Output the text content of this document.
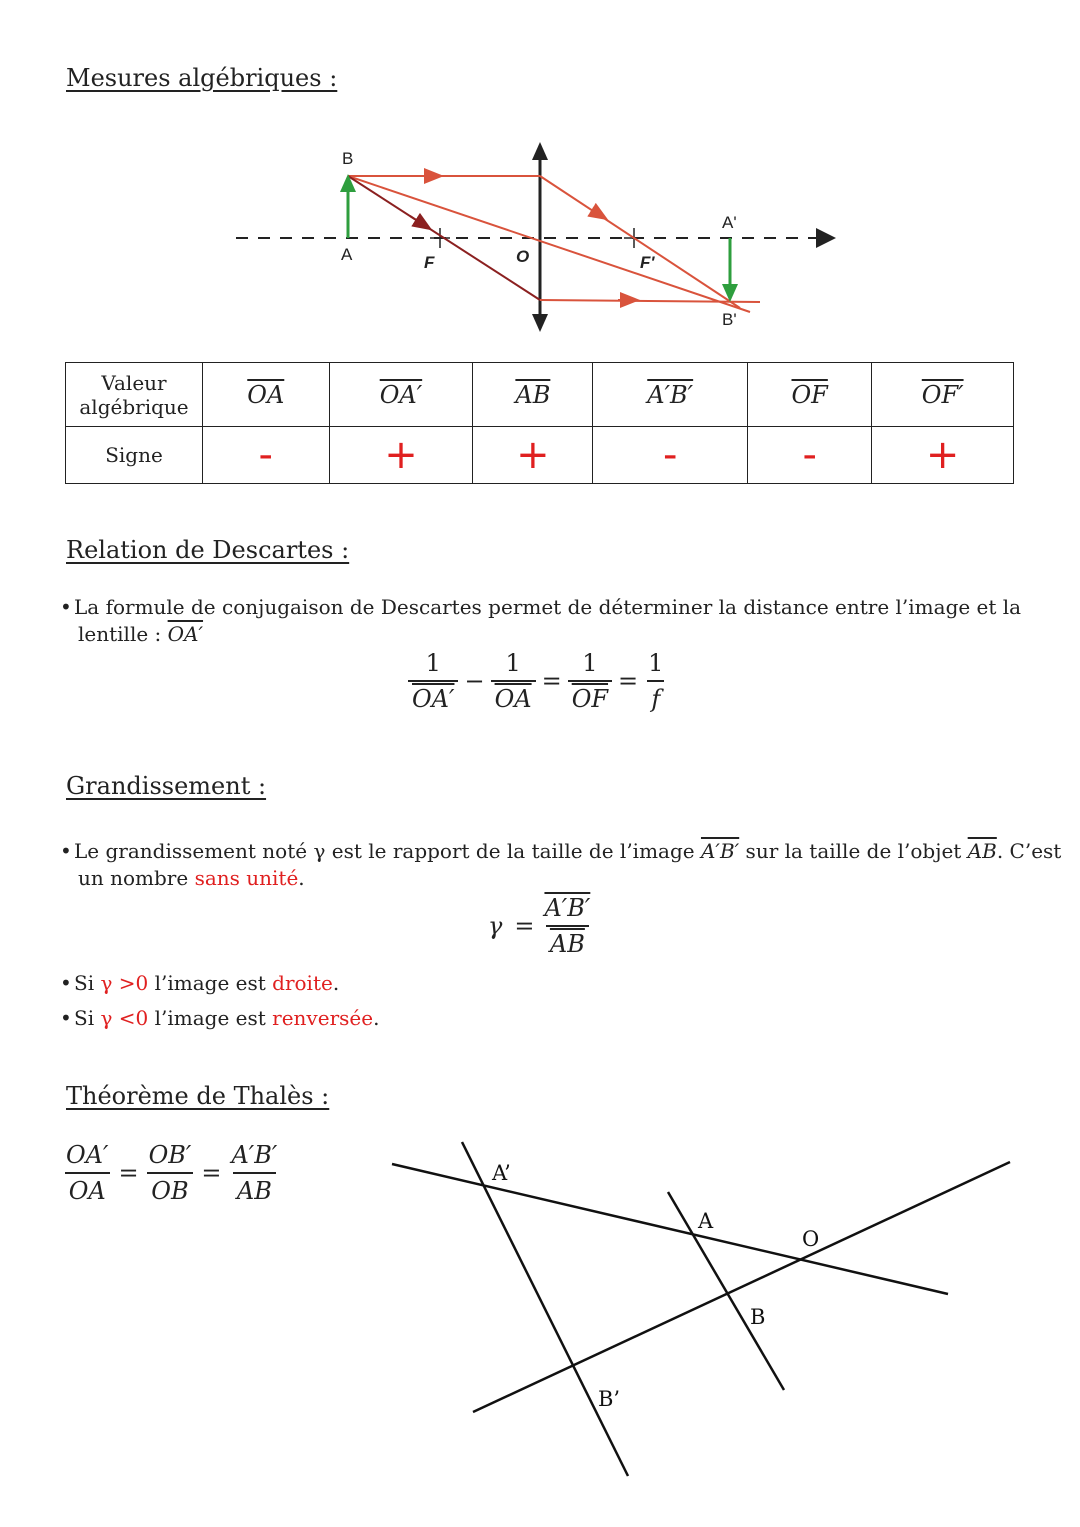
Mesures algébriques :
B
A	F	O	F'
A'
B'
Valeur
algébrique	$\overline{OA}$	OA′	$\overline{AB}$	A′B′	$\overline{OF}$	OF′
Signe	-	+	+	-	-	+
Relation de Descartes :
• La formule de conjugaison de Descartes permet de déterminer la distance entre l’image et la
lentille : OA′
$\frac{1}{OA'} - \frac{1}{OA} = \frac{1}{OF} = \frac{1}{f}$
Grandissement :
• Le grandissement noté γ est le rapport de la taille de l’image A′B′ sur la taille de l’objet $\overline{AB}$. C’est
un nombre sans unité.
$\gamma = \frac{A'B'}{AB}$
• Si γ >0 l’image est droite.
• Si γ <0 l’image est renversée.
Théorème de Thalès :
$\frac{OA'}{OA} = \frac{OB'}{OB} = \frac{A'B'}{AB}$	A’
A
O
B
B’
